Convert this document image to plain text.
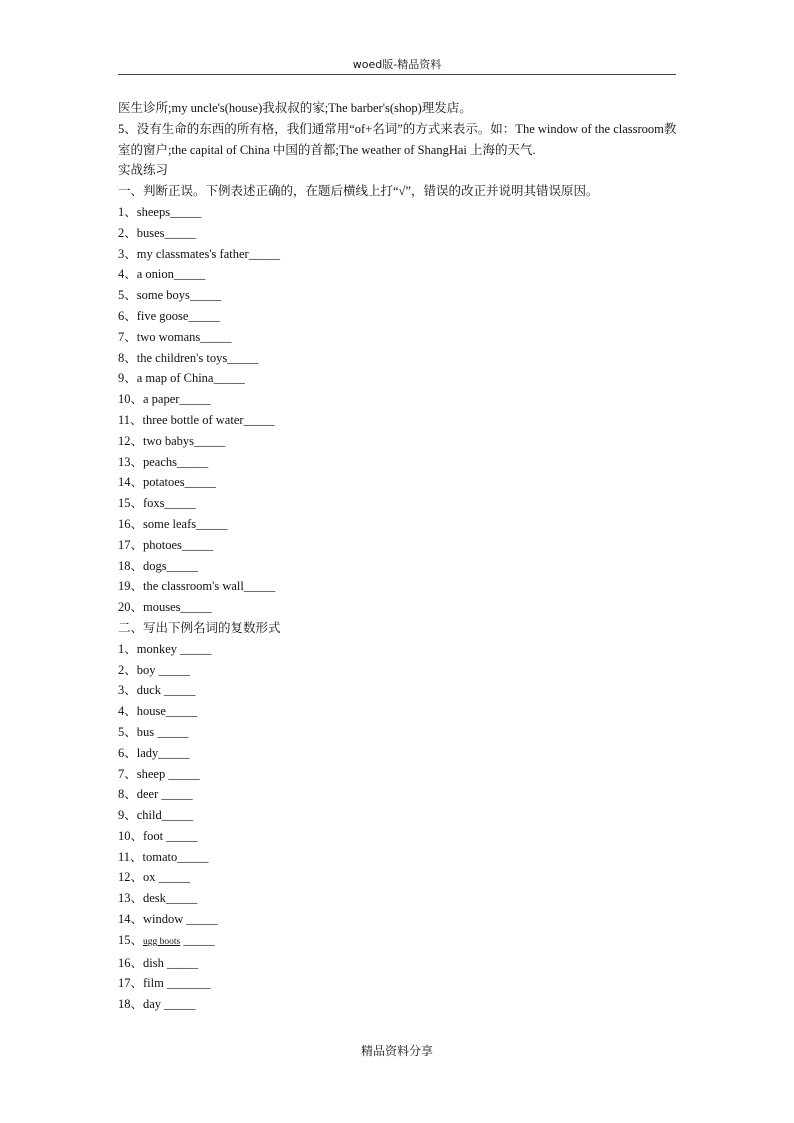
woed版-精品资料

医生诊所;my uncle's(house)我叔叔的家;The barber's(shop)理发店。

5、没有生命的东西的所有格，我们通常用“of+名词”的方式来表示。如：The window of the classroom教室的窗户;the capital of China 中国的首都;The weather of ShangHai 上海的天气.

实战练习

一、判断正误。下例表述正确的，在题后横线上打“√”，错误的改正并说明其错误原因。

1、sheeps_____

2、buses_____

3、my classmates's father_____

4、a onion_____

5、some boys_____

6、five goose_____

7、two womans_____

8、the children's toys_____

9、a map of China_____

10、a paper_____

11、three bottle of water_____

12、two babys_____

13、peachs_____

14、potatoes_____

15、foxs_____

16、some leafs_____

17、photoes_____

18、dogs_____

19、the classroom's wall_____

20、mouses_____

二、写出下例名词的复数形式

1、monkey _____

2、boy _____

3、duck _____

4、house_____

5、bus _____

6、lady_____

7、sheep _____

8、deer _____

9、child_____

10、foot _____

11、tomato_____

12、ox _____

13、desk_____

14、window _____

15、ugg boots _____

16、dish _____

17、film _______

18、day _____

精品资料分享
